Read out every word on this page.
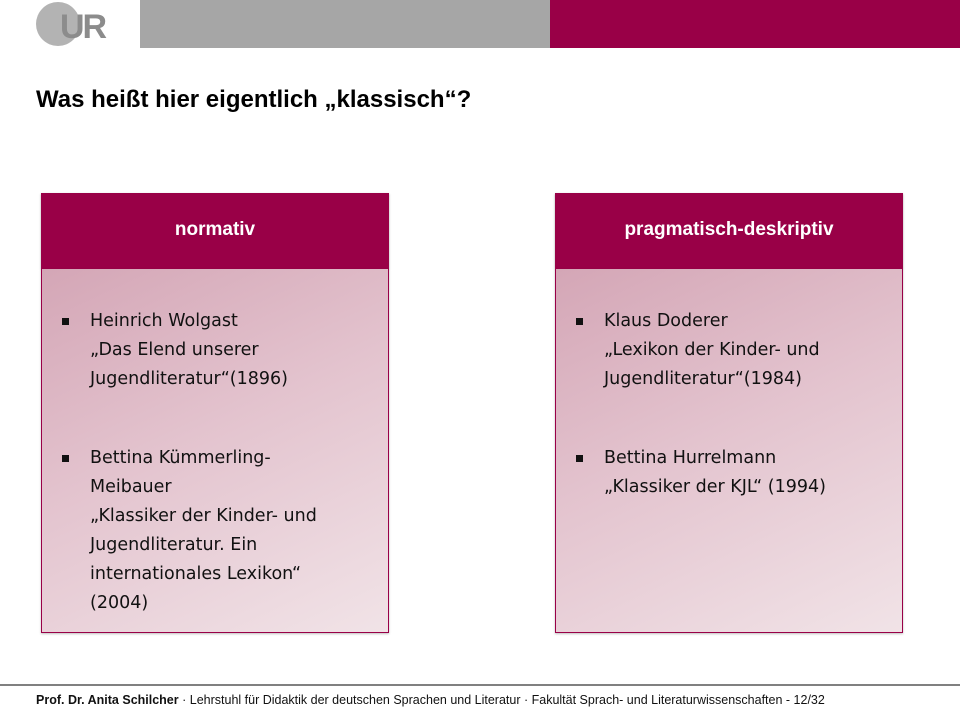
UR
Was heißt hier eigentlich „klassisch“?
normativ
Heinrich Wolgast
„Das Elend unserer
Jugendliteratur“(1896)
Bettina Kümmerling-
Meibauer
„Klassiker der Kinder- und
Jugendliteratur. Ein
internationales Lexikon“
(2004)
pragmatisch-deskriptiv
Klaus Doderer
„Lexikon der Kinder- und
Jugendliteratur“(1984)
Bettina Hurrelmann
„Klassiker der KJL“ (1994)
Prof. Dr. Anita Schilcher · Lehrstuhl für Didaktik der deutschen Sprachen und Literatur · Fakultät Sprach- und Literaturwissenschaften - 12/32
